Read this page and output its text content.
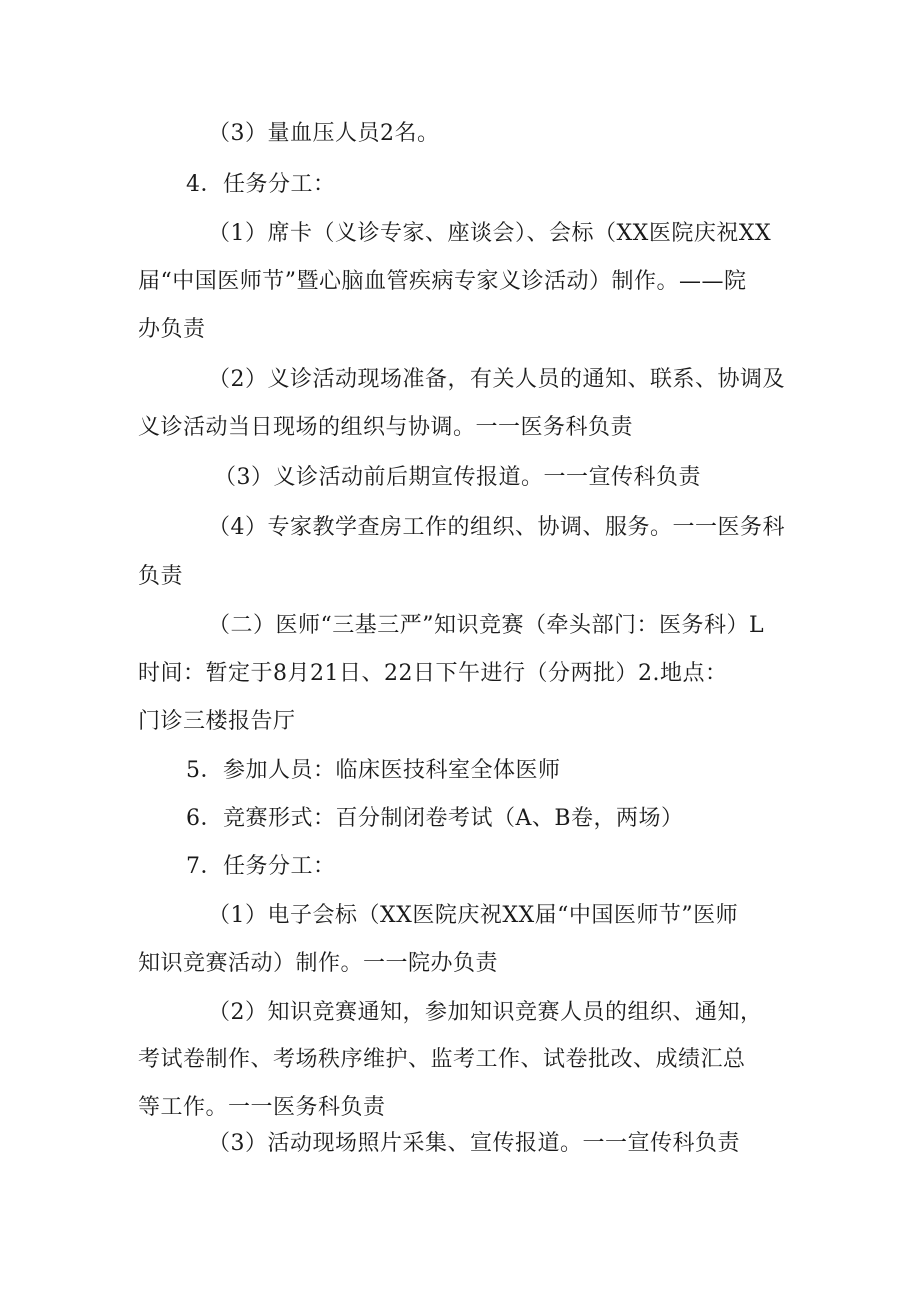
（3）量血压人员2名。
4．任务分工：
（1）席卡（义诊专家、座谈会）、会标（XX医院庆祝XX
届“中国医师节”暨心脑血管疾病专家义诊活动）制作。——院
办负责
（2）义诊活动现场准备，有关人员的通知、联系、协调及
义诊活动当日现场的组织与协调。一一医务科负责
（3）义诊活动前后期宣传报道。一一宣传科负责
（4）专家教学查房工作的组织、协调、服务。一一医务科
负责
（二）医师“三基三严”知识竞赛（牵头部门：医务科）L
时间：暂定于8月21日、22日下午进行（分两批）2.地点：
门诊三楼报告厅
5．参加人员：临床医技科室全体医师
6．竞赛形式：百分制闭卷考试（A、B卷，两场）
7．任务分工：
（1）电子会标（XX医院庆祝XX届“中国医师节”医师
知识竞赛活动）制作。一一院办负责
（2）知识竞赛通知，参加知识竞赛人员的组织、通知，
考试卷制作、考场秩序维护、监考工作、试卷批改、成绩汇总
等工作。一一医务科负责
（3）活动现场照片采集、宣传报道。一一宣传科负责
